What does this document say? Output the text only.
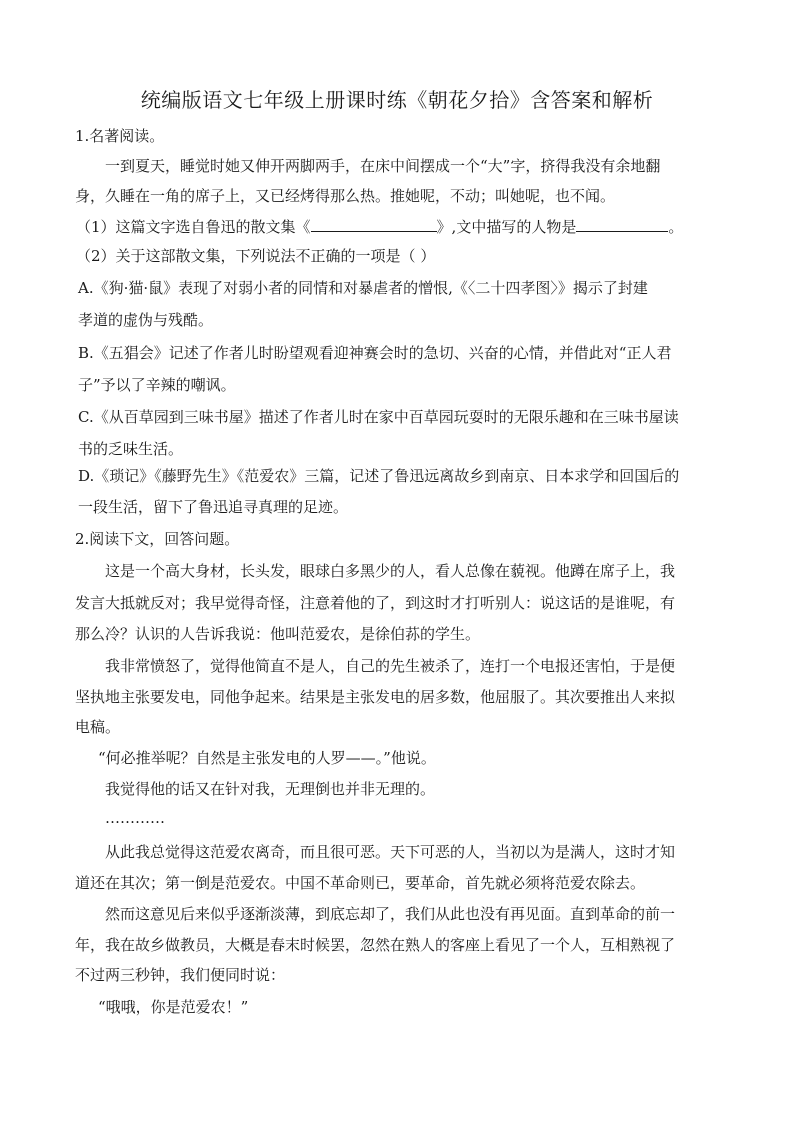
统编版语文七年级上册课时练《朝花夕拾》含答案和解析
1.名著阅读。
一到夏天，睡觉时她又伸开两脚两手，在床中间摆成一个“大”字，挤得我没有余地翻
身，久睡在一角的席子上，又已经烤得那么热。推她呢，不动；叫她呢，也不闻。
（1）这篇文字选自鲁迅的散文集《	》,文中描写的人物是	。
（2）关于这部散文集，下列说法不正确的一项是（ ）
A.《狗·猫·鼠》表现了对弱小者的同情和对暴虐者的憎恨,《〈二十四孝图〉》揭示了封建
孝道的虚伪与残酷。
B.《五猖会》记述了作者儿时盼望观看迎神赛会时的急切、兴奋的心情，并借此对“正人君
子”予以了辛辣的嘲讽。
C.《从百草园到三味书屋》描述了作者儿时在家中百草园玩耍时的无限乐趣和在三味书屋读
书的乏味生活。
D.《琐记》《藤野先生》《范爱农》三篇，记述了鲁迅远离故乡到南京、日本求学和回国后的
一段生活，留下了鲁迅追寻真理的足迹。
2.阅读下文，回答问题。
这是一个高大身材，长头发，眼球白多黑少的人，看人总像在藐视。他蹲在席子上，我
发言大抵就反对；我早觉得奇怪，注意着他的了，到这时才打听别人：说这话的是谁呢，有
那么冷？认识的人告诉我说：他叫范爱农，是徐伯荪的学生。
我非常愤怒了，觉得他简直不是人，自己的先生被杀了，连打一个电报还害怕，于是便
坚执地主张要发电，同他争起来。结果是主张发电的居多数，他屈服了。其次要推出人来拟
电稿。
“何必推举呢？自然是主张发电的人罗——。”他说。
我觉得他的话又在针对我，无理倒也并非无理的。
…………
从此我总觉得这范爱农离奇，而且很可恶。天下可恶的人，当初以为是满人，这时才知
道还在其次；第一倒是范爱农。中国不革命则已，要革命，首先就必须将范爱农除去。
然而这意见后来似乎逐渐淡薄，到底忘却了，我们从此也没有再见面。直到革命的前一
年，我在故乡做教员，大概是春末时候罢，忽然在熟人的客座上看见了一个人，互相熟视了
不过两三秒钟，我们便同时说：
“哦哦，你是范爱农！”
